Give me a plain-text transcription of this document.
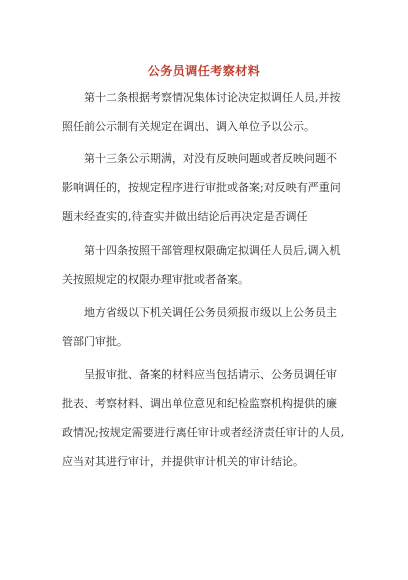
公务员调任考察材料
第十二条根据考察情况集体讨论决定拟调任人员,并按
照任前公示制有关规定在调出、调入单位予以公示。
第十三条公示期满，对没有反映问题或者反映问题不
影响调任的，按规定程序进行审批或备案;对反映有严重问
题未经查实的,待查实并做出结论后再决定是否调任
第十四条按照干部管理权限确定拟调任人员后,调入机
关按照规定的权限办理审批或者备案。
地方省级以下机关调任公务员须报市级以上公务员主
管部门审批。
呈报审批、备案的材料应当包括请示、公务员调任审
批表、考察材料、调出单位意见和纪检监察机构提供的廉
政情况;按规定需要进行离任审计或者经济责任审计的人员,
应当对其进行审计，并提供审计机关的审计结论。
